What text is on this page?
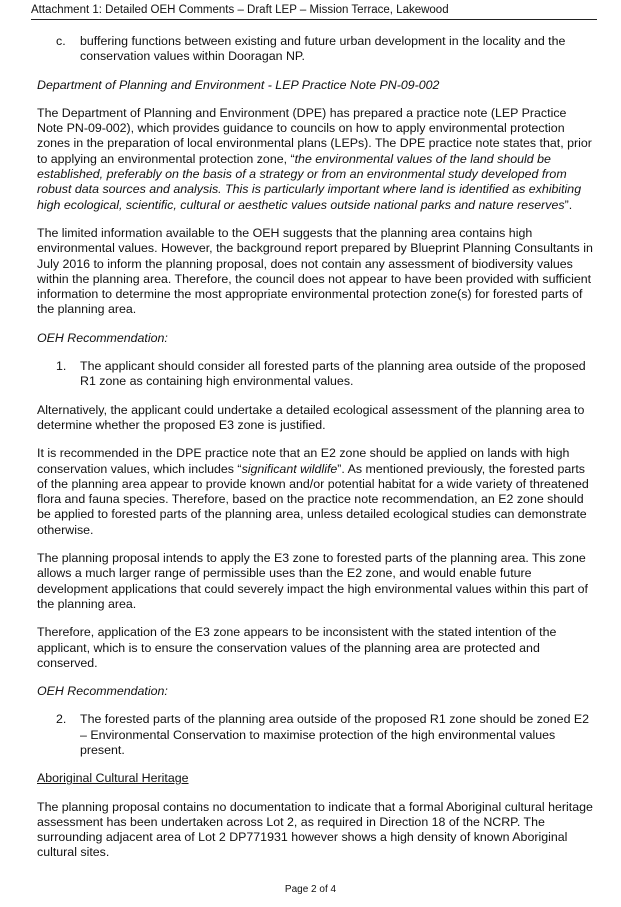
Attachment 1: Detailed OEH Comments – Draft LEP – Mission Terrace, Lakewood
c.	buffering functions between existing and future urban development in the locality and the conservation values within Dooragan NP.

Department of Planning and Environment - LEP Practice Note PN-09-002

The Department of Planning and Environment (DPE) has prepared a practice note (LEP Practice Note PN-09-002), which provides guidance to councils on how to apply environmental protection zones in the preparation of local environmental plans (LEPs). The DPE practice note states that, prior to applying an environmental protection zone, “the environmental values of the land should be established, preferably on the basis of a strategy or from an environmental study developed from robust data sources and analysis. This is particularly important where land is identified as exhibiting high ecological, scientific, cultural or aesthetic values outside national parks and nature reserves”.

The limited information available to the OEH suggests that the planning area contains high environmental values. However, the background report prepared by Blueprint Planning Consultants in July 2016 to inform the planning proposal, does not contain any assessment of biodiversity values within the planning area. Therefore, the council does not appear to have been provided with sufficient information to determine the most appropriate environmental protection zone(s) for forested parts of the planning area.

OEH Recommendation:

1.	The applicant should consider all forested parts of the planning area outside of the proposed R1 zone as containing high environmental values.

Alternatively, the applicant could undertake a detailed ecological assessment of the planning area to determine whether the proposed E3 zone is justified.

It is recommended in the DPE practice note that an E2 zone should be applied on lands with high conservation values, which includes “significant wildlife”. As mentioned previously, the forested parts of the planning area appear to provide known and/or potential habitat for a wide variety of threatened flora and fauna species. Therefore, based on the practice note recommendation, an E2 zone should be applied to forested parts of the planning area, unless detailed ecological studies can demonstrate otherwise.

The planning proposal intends to apply the E3 zone to forested parts of the planning area. This zone allows a much larger range of permissible uses than the E2 zone, and would enable future development applications that could severely impact the high environmental values within this part of the planning area.

Therefore, application of the E3 zone appears to be inconsistent with the stated intention of the applicant, which is to ensure the conservation values of the planning area are protected and conserved.

OEH Recommendation:

2.	The forested parts of the planning area outside of the proposed R1 zone should be zoned E2 – Environmental Conservation to maximise protection of the high environmental values present.

Aboriginal Cultural Heritage

The planning proposal contains no documentation to indicate that a formal Aboriginal cultural heritage assessment has been undertaken across Lot 2, as required in Direction 18 of the NCRP. The surrounding adjacent area of Lot 2 DP771931 however shows a high density of known Aboriginal cultural sites.

Page 2 of 4
